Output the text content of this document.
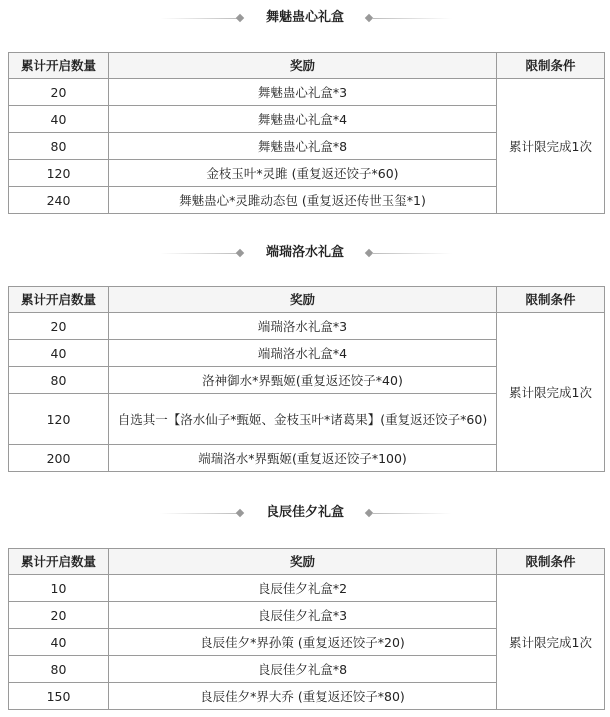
舞魅蛊心礼盒
累计开启数量	奖励	限制条件
20	舞魅蛊心礼盒*3	累计限完成1次
40	舞魅蛊心礼盒*4	
80	舞魅蛊心礼盒*8	
120	金枝玉叶*灵雎 (重复返还饺子*60)	
240	舞魅蛊心*灵雎动态包 (重复返还传世玉玺*1)	
端瑞洛水礼盒
累计开启数量	奖励	限制条件
20	端瑞洛水礼盒*3	累计限完成1次
40	端瑞洛水礼盒*4	
80	洛神御水*界甄姬(重复返还饺子*40)	
120	自选其一【洛水仙子*甄姬、金枝玉叶*诸葛果】(重复返还饺子*60)	
200	端瑞洛水*界甄姬(重复返还饺子*100)	
良辰佳夕礼盒
累计开启数量	奖励	限制条件
10	良辰佳夕礼盒*2	累计限完成1次
20	良辰佳夕礼盒*3	
40	良辰佳夕*界孙策 (重复返还饺子*20)	
80	良辰佳夕礼盒*8	
150	良辰佳夕*界大乔 (重复返还饺子*80)	
